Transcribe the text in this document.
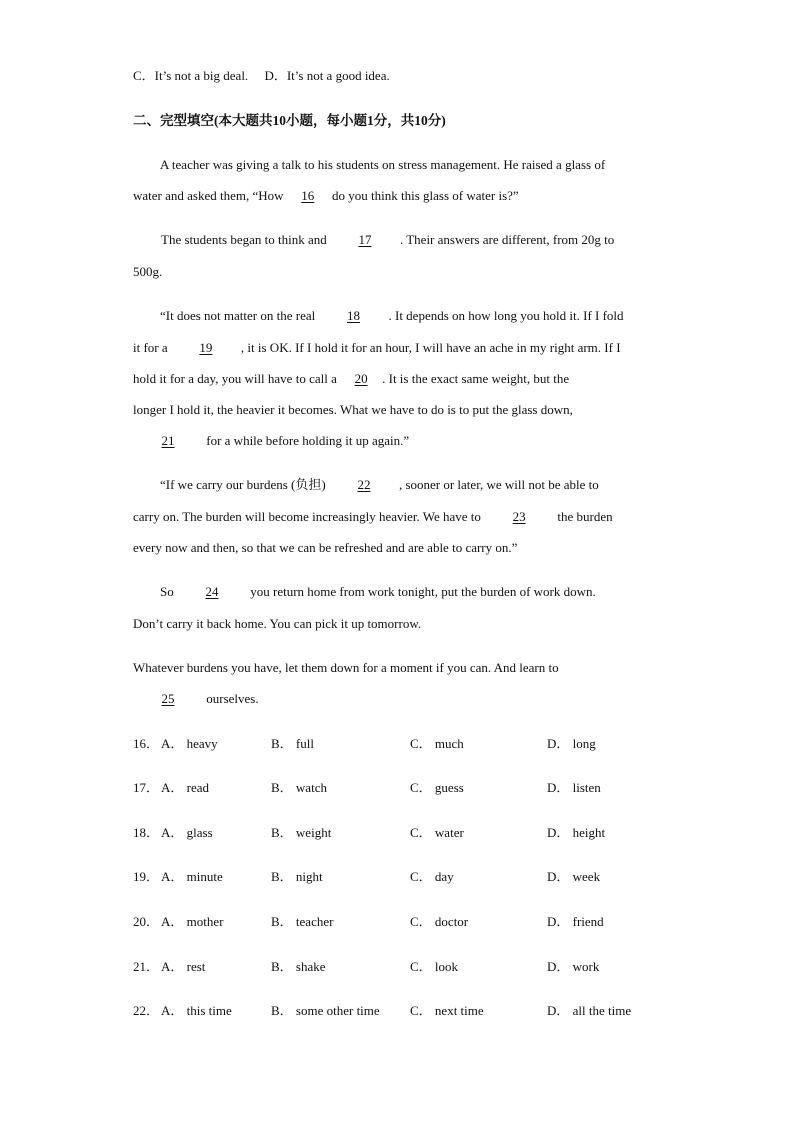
C．It’s not a big deal. D．It’s not a good idea.
二、完型填空(本大题共10小题，每小题1分，共10分)
A teacher was giving a talk to his students on stress management. He raised a glass of
water and asked them, “How 16 do you think this glass of water is?”
The students began to think and 17 . Their answers are different, from 20g to
500g.
“It does not matter on the real 18 . It depends on how long you hold it. If I fold
it for a 19 , it is OK. If I hold it for an hour, I will have an ache in my right arm. If I
hold it for a day, you will have to call a 20 . It is the exact same weight, but the
longer I hold it, the heavier it becomes. What we have to do is to put the glass down,
21 for a while before holding it up again.”
“If we carry our burdens (负担) 22 , sooner or later, we will not be able to
carry on. The burden will become increasingly heavier. We have to 23 the burden
every now and then, so that we can be refreshed and are able to carry on.”
So 24 you return home from work tonight, put the burden of work down.
Don’t carry it back home. You can pick it up tomorrow.
Whatever burdens you have, let them down for a moment if you can. And learn to
25 ourselves.
16． A． heavy	B． full	C． much	D． long
17． A． read	B． watch	C． guess	D． listen
18． A． glass	B． weight	C． water	D． height
19． A． minute	B． night	C． day	D． week
20． A． mother	B． teacher	C． doctor	D． friend
21． A． rest	B． shake	C． look	D． work
22． A． this time	B． some other time C． next time	D． all the time
